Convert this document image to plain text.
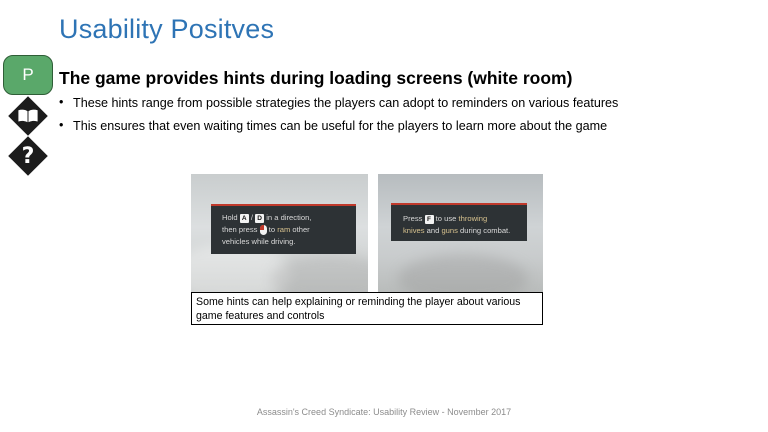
Usability Positves
P
?
The game provides hints during loading screens (white room)
• These hints range from possible strategies the players can adopt to reminders on various features
• This ensures that even waiting times can be useful for the players to learn more about the game
Hold A / D in a direction,
then press to ram other
vehicles while driving.
Press F to use throwing
knives and guns during combat.
Some hints can help explaining or reminding the player about various game features and controls
Assassin's Creed Syndicate: Usability Review - November 2017
